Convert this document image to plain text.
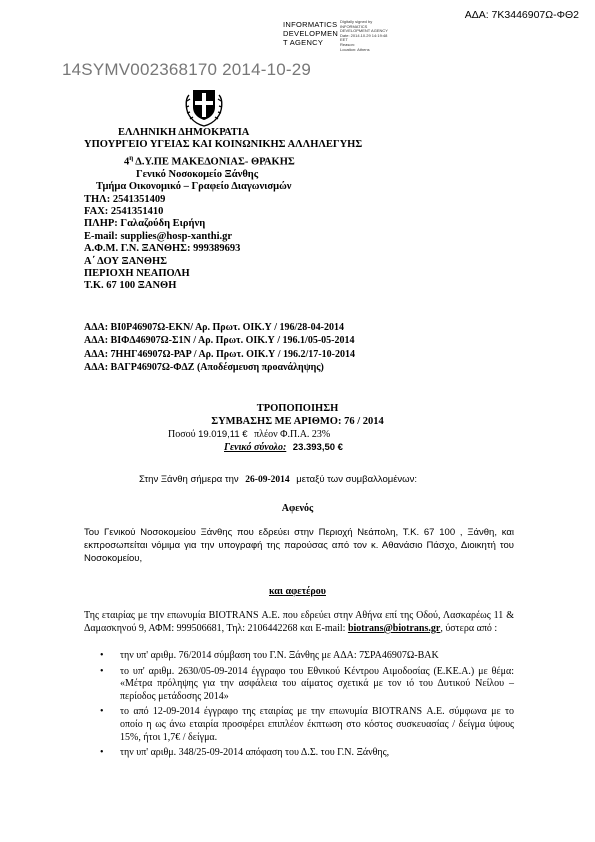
ΑΔΑ: 7Κ3446907Ω-ΦΘ2
INFORMATICS
DEVELOPMEN
T AGENCY
Digitally signed by
INFORMATICS
DEVELOPMENT AGENCY
Date: 2014.10.29 14:19:48
EET
Reason:
Location: Athens
14SYMV002368170 2014-10-29
ΕΛΛΗΝΙΚΗ ΔΗΜΟΚΡΑΤΙΑ
ΥΠΟΥΡΓΕΙΟ ΥΓΕΙΑΣ ΚΑΙ ΚΟΙΝΩΝΙΚΗΣ ΑΛΛΗΛΕΓΥΗΣ
$4^\eta$ Δ.Υ.ΠΕ ΜΑΚΕΔΟΝΙΑΣ- ΘΡΑΚΗΣ
Γενικό Νοσοκομείο Ξάνθης
Τμήμα Οικονομικό – Γραφείο Διαγωνισμών
ΤΗΛ: 2541351409
FAX: 2541351410
ΠΛΗΡ: Γαλαζούδη Ειρήνη
E-mail: supplies@hosp-xanthi.gr
Α.Φ.Μ. Γ.Ν. ΞΑΝΘΗΣ: 999389693
Α΄ ΔΟΥ ΞΑΝΘΗΣ
ΠΕΡΙΟΧΗ ΝΕΑΠΟΛΗ
Τ.Κ. 67 100 ΞΑΝΘΗ
ΑΔΑ: ΒΙ0Ρ46907Ω-ΕΚΝ/ Αρ. Πρωτ. ΟΙΚ.Υ / 196/28-04-2014
ΑΔΑ: ΒΙΦΔ46907Ω-Σ1Ν / Αρ. Πρωτ. ΟΙΚ.Υ / 196.1/05-05-2014
ΑΔΑ: 7ΗΗΓ46907Ω-ΡΑΡ / Αρ. Πρωτ. ΟΙΚ.Υ / 196.2/17-10-2014
ΑΔΑ: ΒΑΓΡ46907Ω-ΦΔΖ (Αποδέσμευση προανάληψης)
ΤΡΟΠΟΠΟΙΗΣΗ
ΣΥΜΒΑΣΗΣ ΜΕ ΑΡΙΘΜΟ: 76 / 2014
Ποσού 19.019,11 € πλέον Φ.Π.Α. 23%
Γενικό σύνολο: 23.393,50 €
Στην Ξάνθη σήμερα την 26-09-2014 μεταξύ των συμβαλλομένων:
Αφενός
Του Γενικού Νοσοκομείου Ξάνθης που εδρεύει στην Περιοχή Νεάπολη, Τ.Κ. 67 100 , Ξάνθη, και εκπροσωπείται νόμιμα για την υπογραφή της παρούσας από τον κ. Αθανάσιο Πάσχο, Διοικητή του Νοσοκομείου,
και αφετέρου
Της εταιρίας με την επωνυμία BIOTRANS Α.Ε. που εδρεύει στην Αθήνα επί της Οδού, Λασκαρέως 11 & Δαμασκηνού 9, ΑΦΜ: 999506681, Τηλ: 2106442268 και E-mail: biotrans@biotrans.gr, ύστερα από :
• την υπ' αριθμ. 76/2014 σύμβαση του Γ.Ν. Ξάνθης με ΑΔΑ: 7ΣΡΑ46907Ω-ΒΑΚ
• το υπ' αριθμ. 2630/05-09-2014 έγγραφο του Εθνικού Κέντρου Αιμοδοσίας (Ε.ΚΕ.Α.) με θέμα: «Μέτρα πρόληψης για την ασφάλεια του αίματος σχετικά με τον ιό του Δυτικού Νείλου – περίοδος μετάδοσης 2014»
• το από 12-09-2014 έγγραφο της εταιρίας με την επωνυμία BIOTRANS Α.Ε. σύμφωνα με το οποίο η ως άνω εταιρία προσφέρει επιπλέον έκπτωση στο κόστος συσκευασίας / δείγμα ύψους 15%, ήτοι 1,7€ / δείγμα.
• την υπ' αριθμ. 348/25-09-2014 απόφαση του Δ.Σ. του Γ.Ν. Ξάνθης,
